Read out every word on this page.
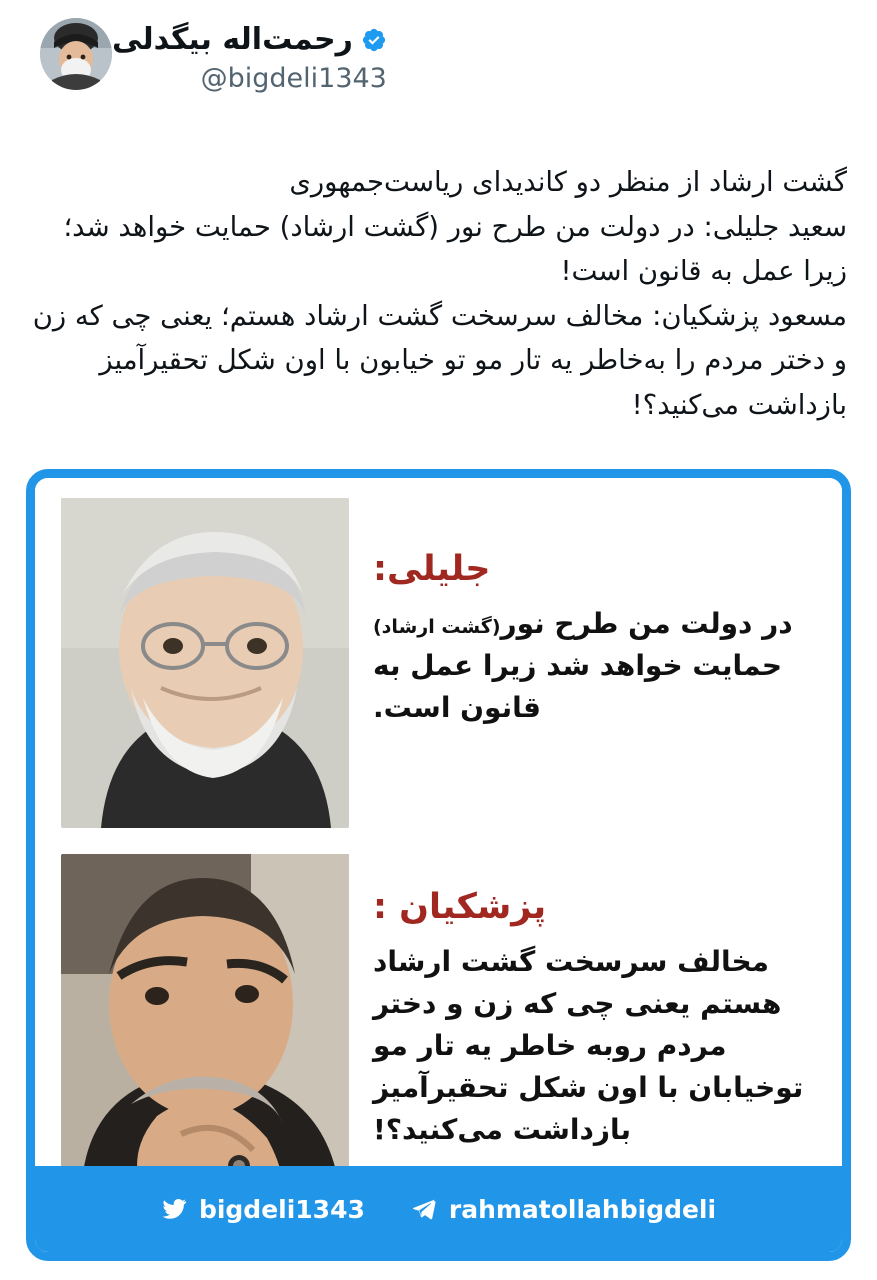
رحمت‌اله بیگدلی
@bigdeli1343

گشت ارشاد از منظر دو کاندیدای ریاست‌جمهوری

سعید جلیلی: در دولت من طرح نور (گشت ارشاد) حمایت خواهد شد؛ زیرا عمل به قانون است!

مسعود پزشکیان: مخالف سرسخت گشت ارشاد هستم؛ یعنی چی که زن و دختر مردم را به‌خاطر یه تار مو تو خیابون با اون شکل تحقیرآمیز بازداشت می‌کنید؟!

جلیلی:
در دولت من طرح نور(گشت ارشاد) حمایت خواهد شد زیرا عمل به قانون است.
پزشکیان :
مخالف سرسخت گشت ارشاد هستم یعنی چی که زن و دختر مردم روبه خاطر یه تار مو توخیابان با اون شکل تحقیرآمیز بازداشت می‌کنید؟!
rahmatollahbigdeli
bigdeli1343
